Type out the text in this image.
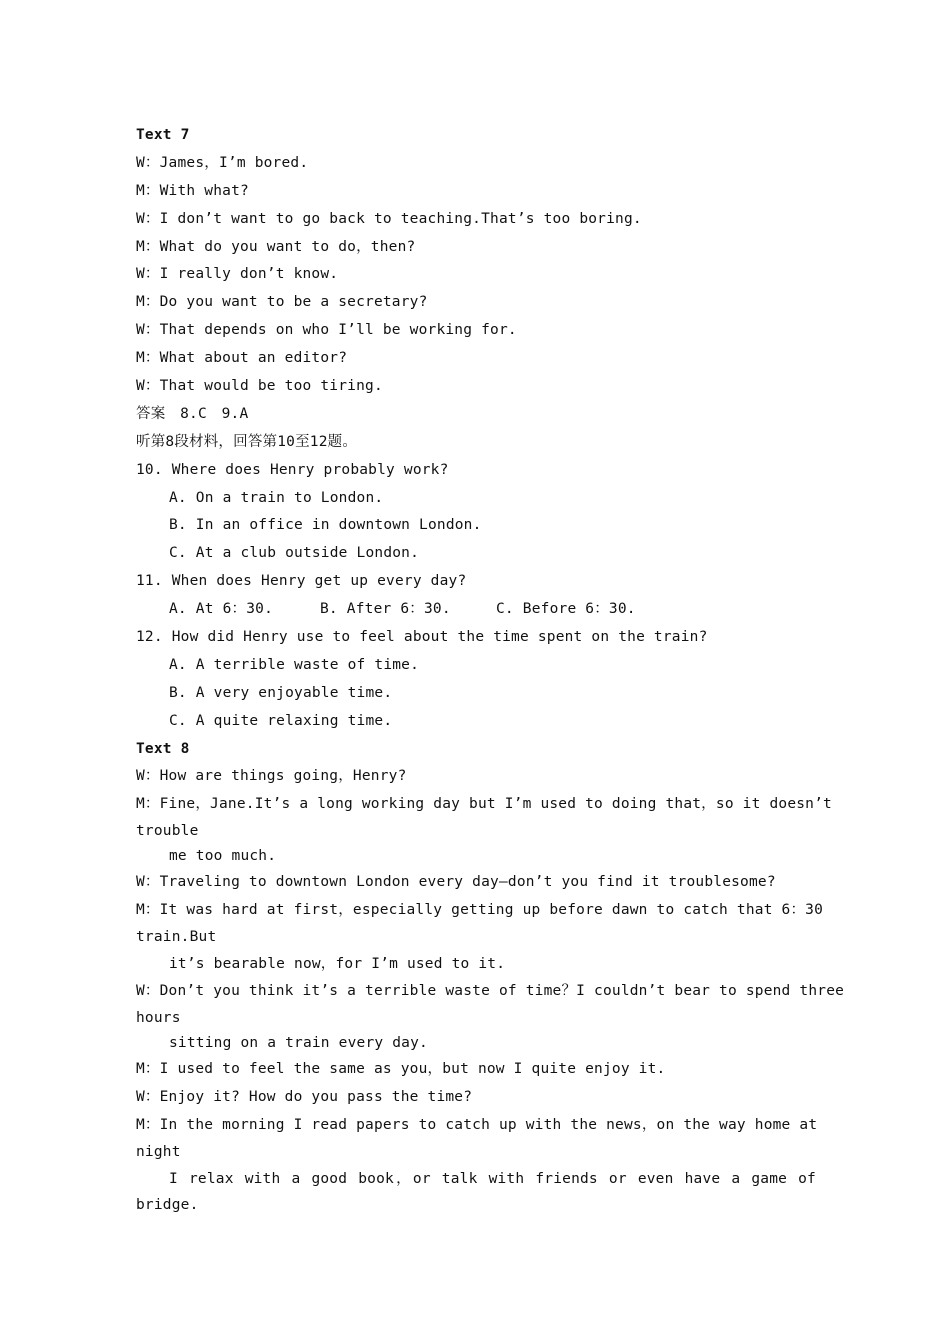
Text 7
W：James，I’m bored.
M：With what?
W：I don’t want to go back to teaching.That’s too boring.
M：What do you want to do，then?
W：I really don’t know.
M：Do you want to be a secretary?
W：That depends on who I’ll be working for.
M：What about an editor?
W：That would be too tiring.
答案　8.C　9.A
听第8段材料，回答第10至12题。
10. Where does Henry probably work?
A. On a train to London.
B. In an office in downtown London.
C. At a club outside London.
11. When does Henry get up every day?
A. At 6：30.	B. After 6：30.	C. Before 6：30.
12. How did Henry use to feel about the time spent on the train?
A. A terrible waste of time.
B. A very enjoyable time.
C. A quite relaxing time.
Text 8
W：How are things going，Henry?
M：Fine，Jane.It’s a long working day but I’m used to doing that，so it doesn’t
trouble
me too much.
W：Traveling to downtown London every day—don’t you find it troublesome?
M：It was hard at first，especially getting up before dawn to catch that 6：30
train.But
it’s bearable now，for I’m used to it.
W：Don’t you think it’s a terrible waste of time？I couldn’t bear to spend three
hours
sitting on a train every day.
M：I used to feel the same as you，but now I quite enjoy it.
W：Enjoy it? How do you pass the time?
M：In the morning I read papers to catch up with the news，on the way home at
night
I relax with a good book，or talk with friends or even have a game of
bridge.
